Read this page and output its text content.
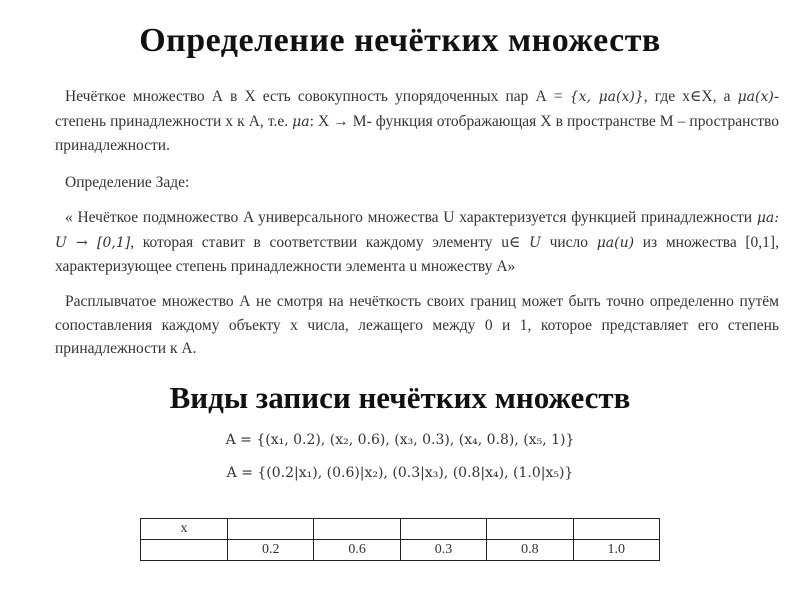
Определение нечётких множеств
Нечёткое множество А в X есть совокупность упорядоченных пар А = {x, μa(x)}, где x∈X, а μa(x)- степень принадлежности x к А, т.е. μa: X → M- функция отображающая X в пространстве M – пространство принадлежности.
Определение Заде:
« Нечёткое подмножество A универсального множества U характеризуется функцией принадлежности μa: U → [0,1], которая ставит в соответствии каждому элементу u∈ U число μa(u) из множества [0,1], характеризующее степень принадлежности элемента u множеству А»
Расплывчатое множество А не смотря на нечёткость своих границ может быть точно определенно путём сопоставления каждому объекту x числа, лежащего между 0 и 1, которое представляет его степень принадлежности к А.
Виды записи нечётких множеств
A = {(x₁, 0.2), (x₂, 0.6), (x₃, 0.3), (x₄, 0.8), (x₅, 1)}
A = {(0.2|x₁), (0.6)|x₂), (0.3|x₃), (0.8|x₄), (1.0|x₅)}
x					
	0.2	0.6	0.3	0.8	1.0
